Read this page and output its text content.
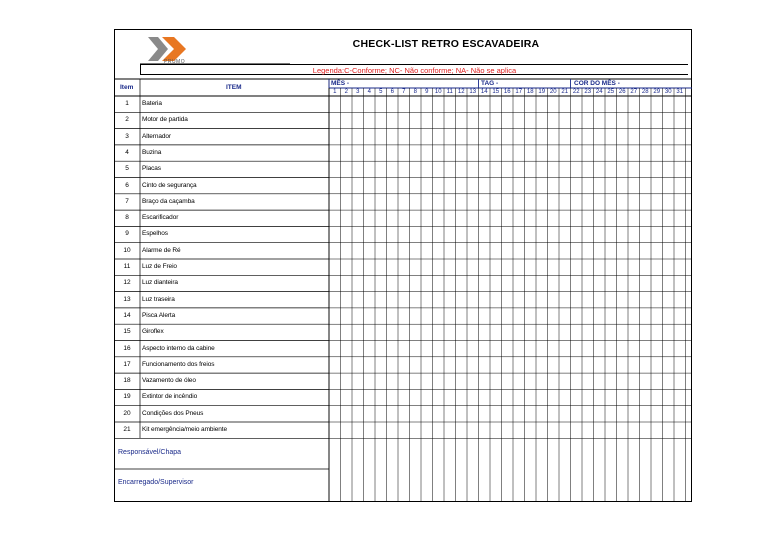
PRUMO
CHECK-LIST RETRO ESCAVADEIRA
Legenda:C-Conforme; NC- Não conforme; NA- Não se aplica
Item	ITEM
MÊS -	TAG -	COR DO MÊS -
1	2	3	4	5	6	7	8	9	10 11 12 13 14 15 16 17 18 19 20 21 22 23 24 25 26 27 28 29 30 31
1	Bateria
2	Motor de partida
3	Alternador
4	Buzina
5	Placas
6	Cinto de segurança
7	Braço da caçamba
8	Escarificador
9	Espelhos
10	Alarme de Ré
11	Luz de Freio
12	Luz dianteira
13	Luz traseira
14	Pisca Alerta
15	Giroflex
16	Aspecto interno da cabine
17	Funcionamento dos freios
18	Vazamento de óleo
19	Extintor de incêndio
20	Condições dos Pneus
21	Kit emergência/meio ambiente
Responsável/Chapa
Encarregado/Supervisor
